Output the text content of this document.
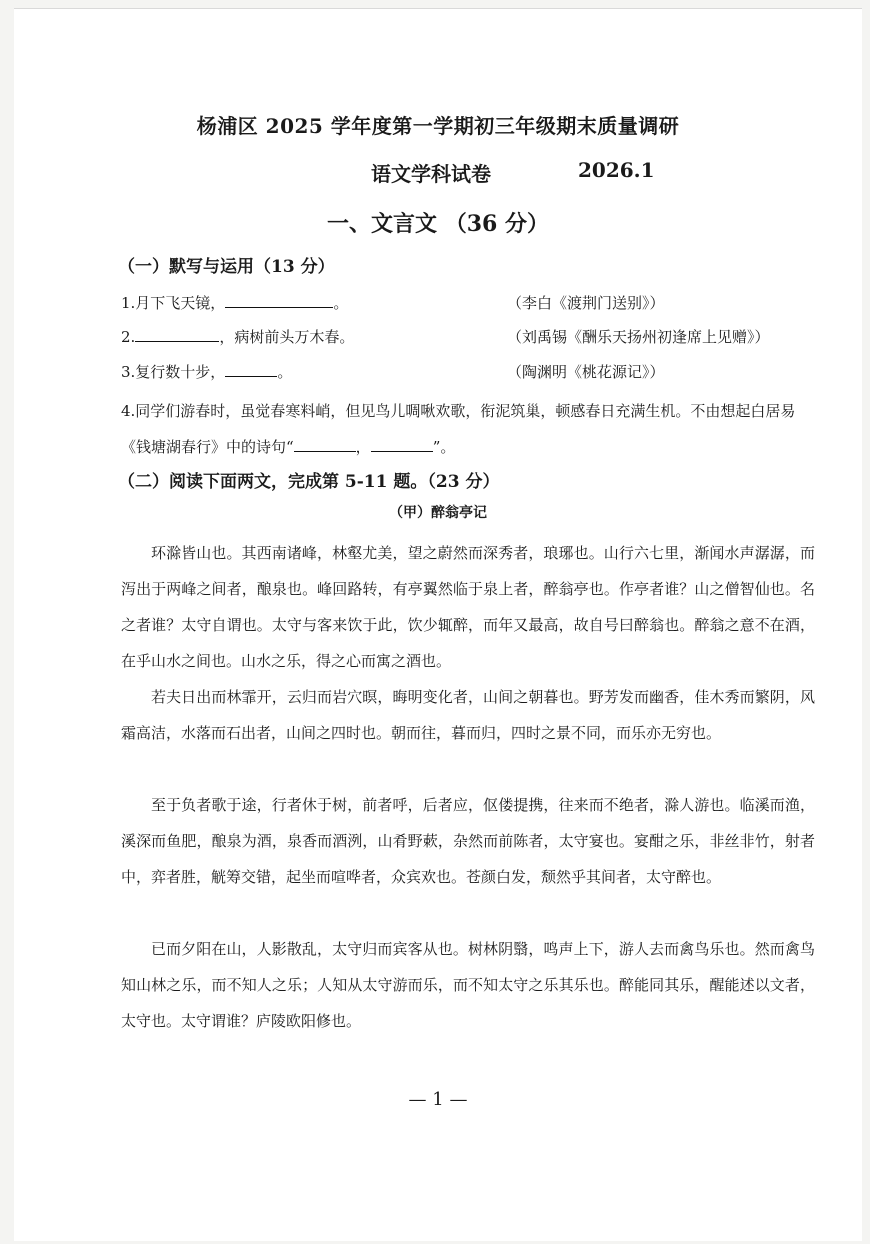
杨浦区 2025 学年度第一学期初三年级期末质量调研
语文学科试卷	2026.1
一、文言文 （36 分）
（一）默写与运用（13 分）
1.月下飞天镜，	。	（李白《渡荆门送别》）
2.	，病树前头万木春。	（刘禹锡《酬乐天扬州初逢席上见赠》）
3.复行数十步，	。	（陶渊明《桃花源记》）

4.同学们游春时，虽觉春寒料峭，但见鸟儿啁啾欢歌，衔泥筑巢，顿感春日充满生机。不由想起白居易《钱塘湖春行》中的诗句“	，	”。

（二）阅读下面两文，完成第 5-11 题。（23 分）
（甲）醉翁亭记

环滁皆山也。其西南诸峰，林壑尤美，望之蔚然而深秀者，琅琊也。山行六七里，渐闻水声潺潺，而泻出于两峰之间者，酿泉也。峰回路转，有亭翼然临于泉上者，醉翁亭也。作亭者谁？山之僧智仙也。名之者谁？太守自谓也。太守与客来饮于此，饮少辄醉，而年又最高，故自号曰醉翁也。醉翁之意不在酒，在乎山水之间也。山水之乐，得之心而寓之酒也。

若夫日出而林霏开，云归而岩穴暝，晦明变化者，山间之朝暮也。野芳发而幽香，佳木秀而繁阴，风霜高洁，水落而石出者，山间之四时也。朝而往，暮而归，四时之景不同，而乐亦无穷也。

至于负者歌于途，行者休于树，前者呼，后者应，伛偻提携，往来而不绝者，滁人游也。临溪而渔，溪深而鱼肥，酿泉为酒，泉香而酒洌，山肴野蔌，杂然而前陈者，太守宴也。宴酣之乐，非丝非竹，射者中，弈者胜，觥筹交错，起坐而喧哗者，众宾欢也。苍颜白发，颓然乎其间者，太守醉也。

已而夕阳在山，人影散乱，太守归而宾客从也。树林阴翳，鸣声上下，游人去而禽鸟乐也。然而禽鸟知山林之乐，而不知人之乐；人知从太守游而乐，而不知太守之乐其乐也。醉能同其乐，醒能述以文者，太守也。太守谓谁？庐陵欧阳修也。

— 1 —
